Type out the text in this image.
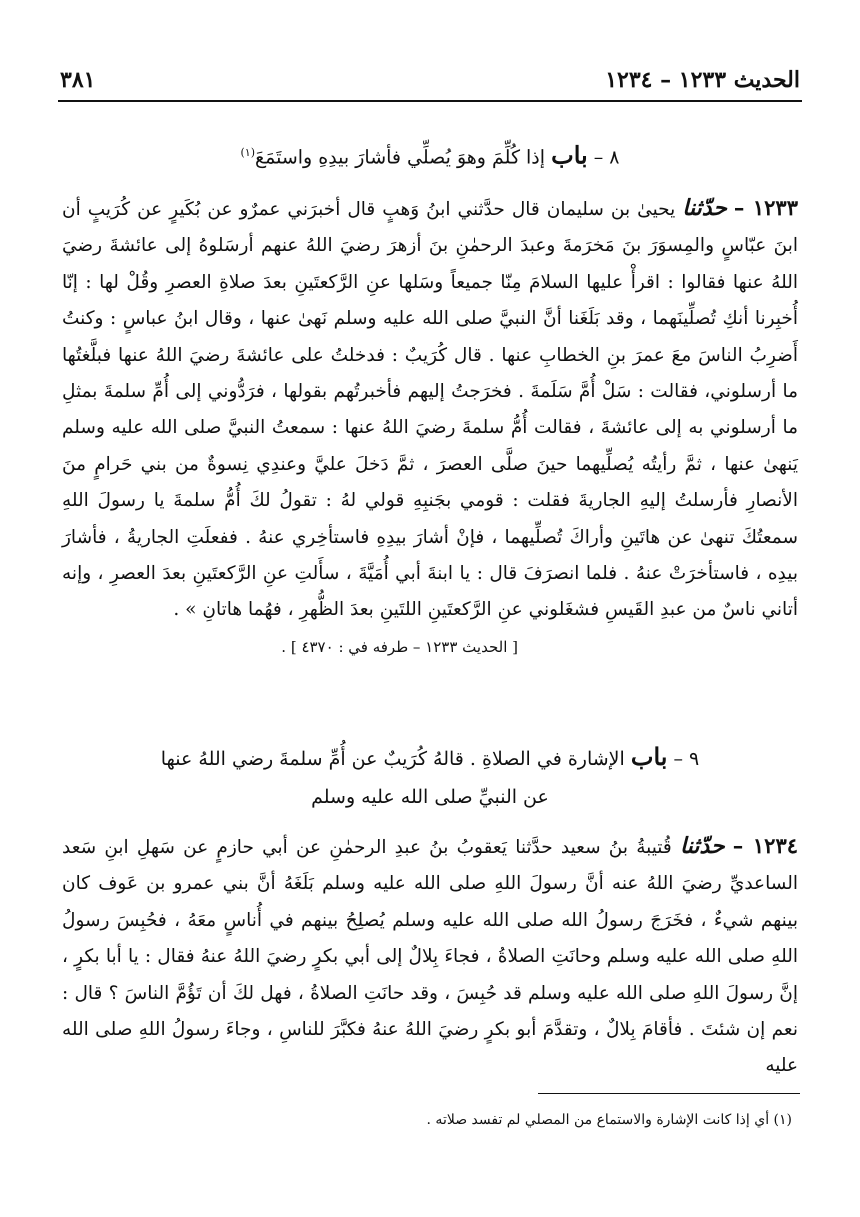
٣٨١	الحديث ١٢٣٣ – ١٢٣٤
٨ – باب إذا كُلِّمَ وهوَ يُصلِّي فأشارَ بيدِهِ واستَمَعَ$^{(١)}$
١٢٣٣ – حدّثنا يحيىٰ بن سليمان قال حدَّثني ابنُ وَهبٍ قال أخبرَني عمرٌو عن بُكَيرٍ عن كُرَيبٍ أن ابنَ عبّاسٍ والمِسوَرَ بنَ مَخرَمةَ وعبدَ الرحمٰنِ بنَ أزهرَ رضيَ اللهُ عنهم أرسَلوهُ إلى عائشةَ رضيَ اللهُ عنها فقالوا : اقرأْ عليها السلامَ مِنّا جميعاً وسَلها عنِ الرَّكعتَينِ بعدَ صلاةِ العصرِ وقُلْ لها : إنّا أُخبِرنا أنكِ تُصلِّينَهما ، وقد بَلَغَنا أنَّ النبيَّ صلى الله عليه وسلم نَهىٰ عنها ، وقال ابنُ عباسٍ : وكنتُ أَضرِبُ الناسَ معَ عمرَ بنِ الخطابِ عنها . قال كُرَيبٌ : فدخلتُ على عائشةَ رضيَ اللهُ عنها فبلَّغتُها ما أرسلوني، فقالت : سَلْ أُمَّ سَلَمةَ . فخرَجتُ إليهم فأخبرتُهم بقولها ، فرَدُّوني إلى أُمِّ سلمةَ بمثلِ ما أرسلوني به إلى عائشةَ ، فقالت أُمُّ سلمةَ رضيَ اللهُ عنها : سمعتُ النبيَّ صلى الله عليه وسلم يَنهىٰ عنها ، ثمَّ رأيتُه يُصلِّيهما حينَ صلَّى العصرَ ، ثمَّ دَخلَ عليَّ وعندِي نِسوةٌ من بني حَرامٍ منَ الأنصارِ فأرسلتُ إليهِ الجاريةَ فقلت : قومي بجَنبِهِ قولي لهُ : تقولُ لكَ أُمُّ سلمةَ يا رسولَ اللهِ سمعتُكَ تنهىٰ عن هاتَينِ وأراكَ تُصلِّيهما ، فإنْ أشارَ بيدِهِ فاستأخِري عنهُ . ففعلَتِ الجاريةُ ، فأشارَ بيدِه ، فاستأخرَتْ عنهُ . فلما انصرَفَ قال : يا ابنةَ أبي أُمَيَّةَ ، سأَلتِ عنِ الرَّكعتَينِ بعدَ العصرِ ، وإنه أتاني ناسٌ من عبدِ القَيسِ فشغَلوني عنِ الرَّكعتَينِ اللتَينِ بعدَ الظُّهرِ ، فهُما هاتانِ » .
[ الحديث ١٢٣٣ – طرفه في : ٤٣٧٠ ] .
٩ – باب الإشارة في الصلاةِ . قالهُ كُرَيبٌ عن أُمِّ سلمةَ رضي اللهُ عنها
عن النبيِّ صلى الله عليه وسلم
١٢٣٤ – حدّثنا قُتيبةُ بنُ سعيد حدَّثنا يَعقوبُ بنُ عبدِ الرحمٰنِ عن أبي حازمٍ عن سَهلِ ابنِ سَعد الساعديِّ رضيَ اللهُ عنه أنَّ رسولَ اللهِ صلى الله عليه وسلم بَلَغَهُ أنَّ بني عمرو بن عَوف كان بينهم شيءٌ ، فخَرَجَ رسولُ الله صلى الله عليه وسلم يُصلِحُ بينهم في أُناسٍ معَهُ ، فحُبِسَ رسولُ اللهِ صلى الله عليه وسلم وحانَتِ الصلاةُ ، فجاءَ بِلالٌ إلى أبي بكرٍ رضيَ اللهُ عنهُ فقال : يا أبا بكرٍ ، إنَّ رسولَ اللهِ صلى الله عليه وسلم قد حُبِسَ ، وقد حانَتِ الصلاةُ ، فهل لكَ أن تَؤُمَّ الناسَ ؟ قال : نعم إن شئتَ . فأقامَ بِلالٌ ، وتقدَّمَ أبو بكرٍ رضيَ اللهُ عنهُ فكبَّرَ للناسِ ، وجاءَ رسولُ اللهِ صلى الله عليه
(١) أي إذا كانت الإشارة والاستماع من المصلي لم تفسد صلاته .
